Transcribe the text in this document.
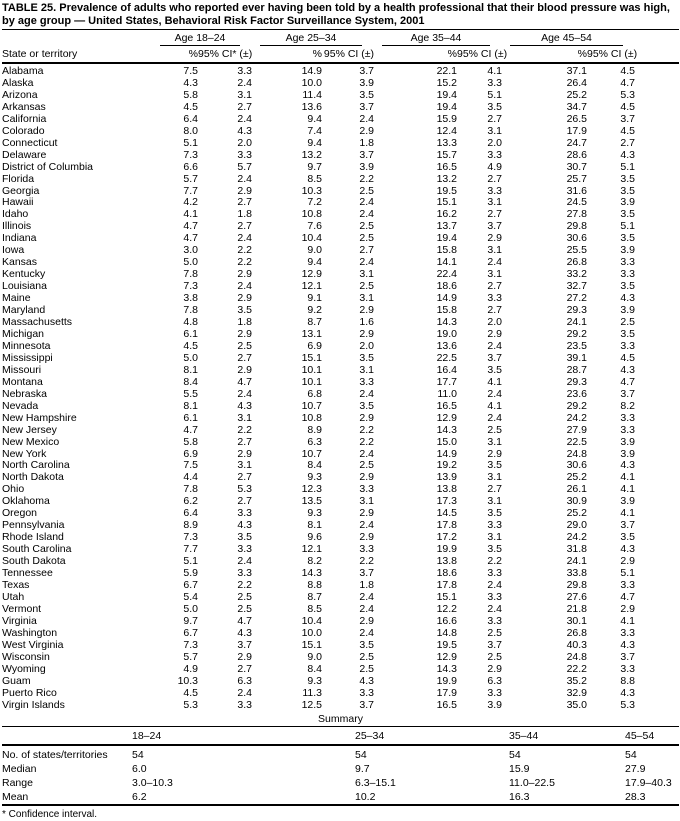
TABLE 25. Prevalence of adults who reported ever having been told by a health professional that their blood pressure was high, by age group — United States, Behavioral Risk Factor Surveillance System, 2001

	Age 18–24		Age 25–34		Age 35–44		Age 45–54		

State or territory	%	95% CI* (±)	%	95% CI (±)	%	95% CI (±)	%	95% CI (±)	
Alabama	7.5	3.3	14.9	3.7	22.1	4.1	37.1	4.5	
Alaska	4.3	2.4	10.0	3.9	15.2	3.3	26.4	4.7	
Arizona	5.8	3.1	11.4	3.5	19.4	5.1	25.2	5.3	
Arkansas	4.5	2.7	13.6	3.7	19.4	3.5	34.7	4.5	
California	6.4	2.4	9.4	2.4	15.9	2.7	26.5	3.7	
Colorado	8.0	4.3	7.4	2.9	12.4	3.1	17.9	4.5	
Connecticut	5.1	2.0	9.4	1.8	13.3	2.0	24.7	2.7	
Delaware	7.3	3.3	13.2	3.7	15.7	3.3	28.6	4.3	
District of Columbia	6.6	5.7	9.7	3.9	16.5	4.9	30.7	5.1	
Florida	5.7	2.4	8.5	2.2	13.2	2.7	25.7	3.5	
Georgia	7.7	2.9	10.3	2.5	19.5	3.3	31.6	3.5	
Hawaii	4.2	2.7	7.2	2.4	15.1	3.1	24.5	3.9	
Idaho	4.1	1.8	10.8	2.4	16.2	2.7	27.8	3.5	
Illinois	4.7	2.7	7.6	2.5	13.7	3.7	29.8	5.1	
Indiana	4.7	2.4	10.4	2.5	19.4	2.9	30.6	3.5	
Iowa	3.0	2.2	9.0	2.7	15.8	3.1	25.5	3.9	
Kansas	5.0	2.2	9.4	2.4	14.1	2.4	26.8	3.3	
Kentucky	7.8	2.9	12.9	3.1	22.4	3.1	33.2	3.3	
Louisiana	7.3	2.4	12.1	2.5	18.6	2.7	32.7	3.5	
Maine	3.8	2.9	9.1	3.1	14.9	3.3	27.2	4.3	
Maryland	7.8	3.5	9.2	2.9	15.8	2.7	29.3	3.9	
Massachusetts	4.8	1.8	8.7	1.6	14.3	2.0	24.1	2.5	
Michigan	6.1	2.9	13.1	2.9	19.0	2.9	29.2	3.5	
Minnesota	4.5	2.5	6.9	2.0	13.6	2.4	23.5	3.3	
Mississippi	5.0	2.7	15.1	3.5	22.5	3.7	39.1	4.5	
Missouri	8.1	2.9	10.1	3.1	16.4	3.5	28.7	4.3	
Montana	8.4	4.7	10.1	3.3	17.7	4.1	29.3	4.7	
Nebraska	5.5	2.4	6.8	2.4	11.0	2.4	23.6	3.7	
Nevada	8.1	4.3	10.7	3.5	16.5	4.1	29.2	8.2	
New Hampshire	6.1	3.1	10.8	2.9	12.9	2.4	24.2	3.3	
New Jersey	4.7	2.2	8.9	2.2	14.3	2.5	27.9	3.3	
New Mexico	5.8	2.7	6.3	2.2	15.0	3.1	22.5	3.9	
New York	6.9	2.9	10.7	2.4	14.9	2.9	24.8	3.9	
North Carolina	7.5	3.1	8.4	2.5	19.2	3.5	30.6	4.3	
North Dakota	4.4	2.7	9.3	2.9	13.9	3.1	25.2	4.1	
Ohio	7.8	5.3	12.3	3.3	13.8	2.7	26.1	4.1	
Oklahoma	6.2	2.7	13.5	3.1	17.3	3.1	30.9	3.9	
Oregon	6.4	3.3	9.3	2.9	14.5	3.5	25.2	4.1	
Pennsylvania	8.9	4.3	8.1	2.4	17.8	3.3	29.0	3.7	
Rhode Island	7.3	3.5	9.6	2.9	17.2	3.1	24.2	3.5	
South Carolina	7.7	3.3	12.1	3.3	19.9	3.5	31.8	4.3	
South Dakota	5.1	2.4	8.2	2.2	13.8	2.2	24.1	2.9	
Tennessee	5.9	3.3	14.3	3.7	18.6	3.3	33.8	5.1	
Texas	6.7	2.2	8.8	1.8	17.8	2.4	29.8	3.3	
Utah	5.4	2.5	8.7	2.4	15.1	3.3	27.6	4.7	
Vermont	5.0	2.5	8.5	2.4	12.2	2.4	21.8	2.9	
Virginia	9.7	4.7	10.4	2.9	16.6	3.3	30.1	4.1	
Washington	6.7	4.3	10.0	2.4	14.8	2.5	26.8	3.3	
West Virginia	7.3	3.7	15.1	3.5	19.5	3.7	40.3	4.3	
Wisconsin	5.7	2.9	9.0	2.5	12.9	2.5	24.8	3.7	
Wyoming	4.9	2.7	8.4	2.5	14.3	2.9	22.2	3.3	
Guam	10.3	6.3	9.3	4.3	19.9	6.3	35.2	8.8	
Puerto Rico	4.5	2.4	11.3	3.3	17.9	3.3	32.9	4.3	
Virgin Islands	5.3	3.3	12.5	3.7	16.5	3.9	35.0	5.3	
Summary
	18–24	25–34	35–44	45–54
No. of states/territories	54	54	54	54
Median	6.0	9.7	15.9	27.9
Range	3.0–10.3	6.3–15.1	11.0–22.5	17.9–40.3
Mean	6.2	10.2	16.3	28.3
* Confidence interval.
